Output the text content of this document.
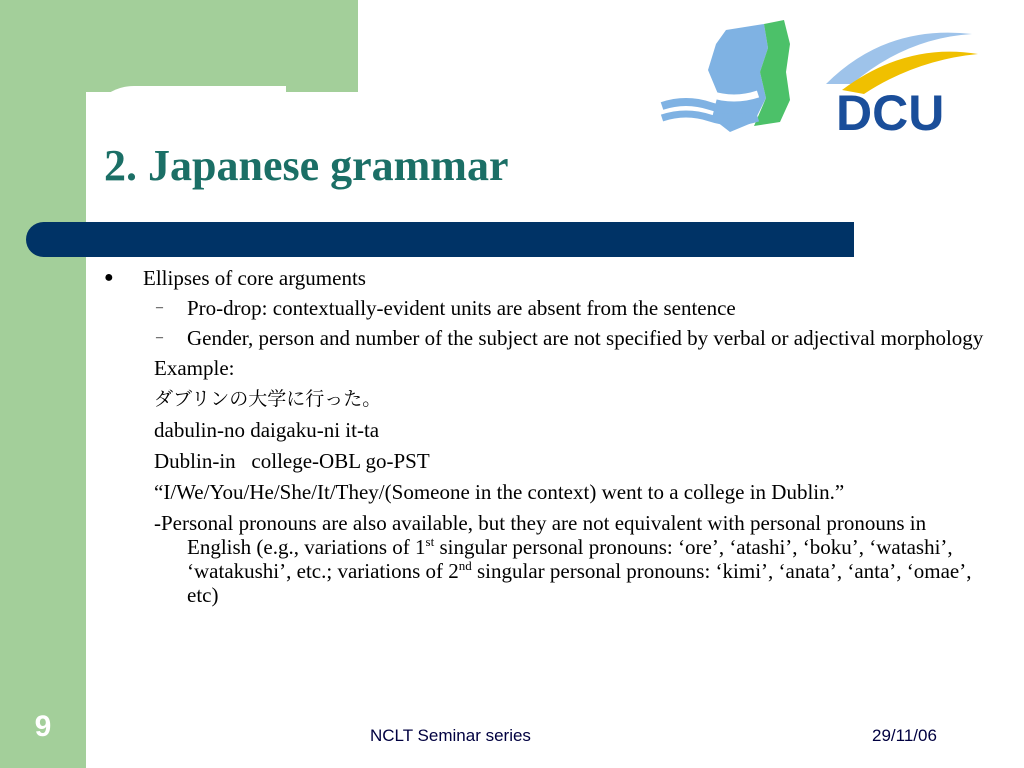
DCU
2. Japanese grammar
●	Ellipses of core arguments
– Pro-drop: contextually-evident units are absent from the sentence
– Gender, person and number of the subject are not specified by verbal or adjectival morphology
Example:
ダブリンの大学に行った。
dabulin-no daigaku-ni it-ta
Dublin-in   college-OBL go-PST
“I/We/You/He/She/It/They/(Someone in the context) went to a college in Dublin.”
-Personal pronouns are also available, but they are not equivalent with personal pronouns in English (e.g., variations of 1st singular personal pronouns: ‘ore’, ‘atashi’, ‘boku’, ‘watashi’, ‘watakushi’, etc.; variations of 2nd singular personal pronouns: ‘kimi’, ‘anata’, ‘anta’, ‘omae’, etc)
9	NCLT Seminar series	29/11/06
